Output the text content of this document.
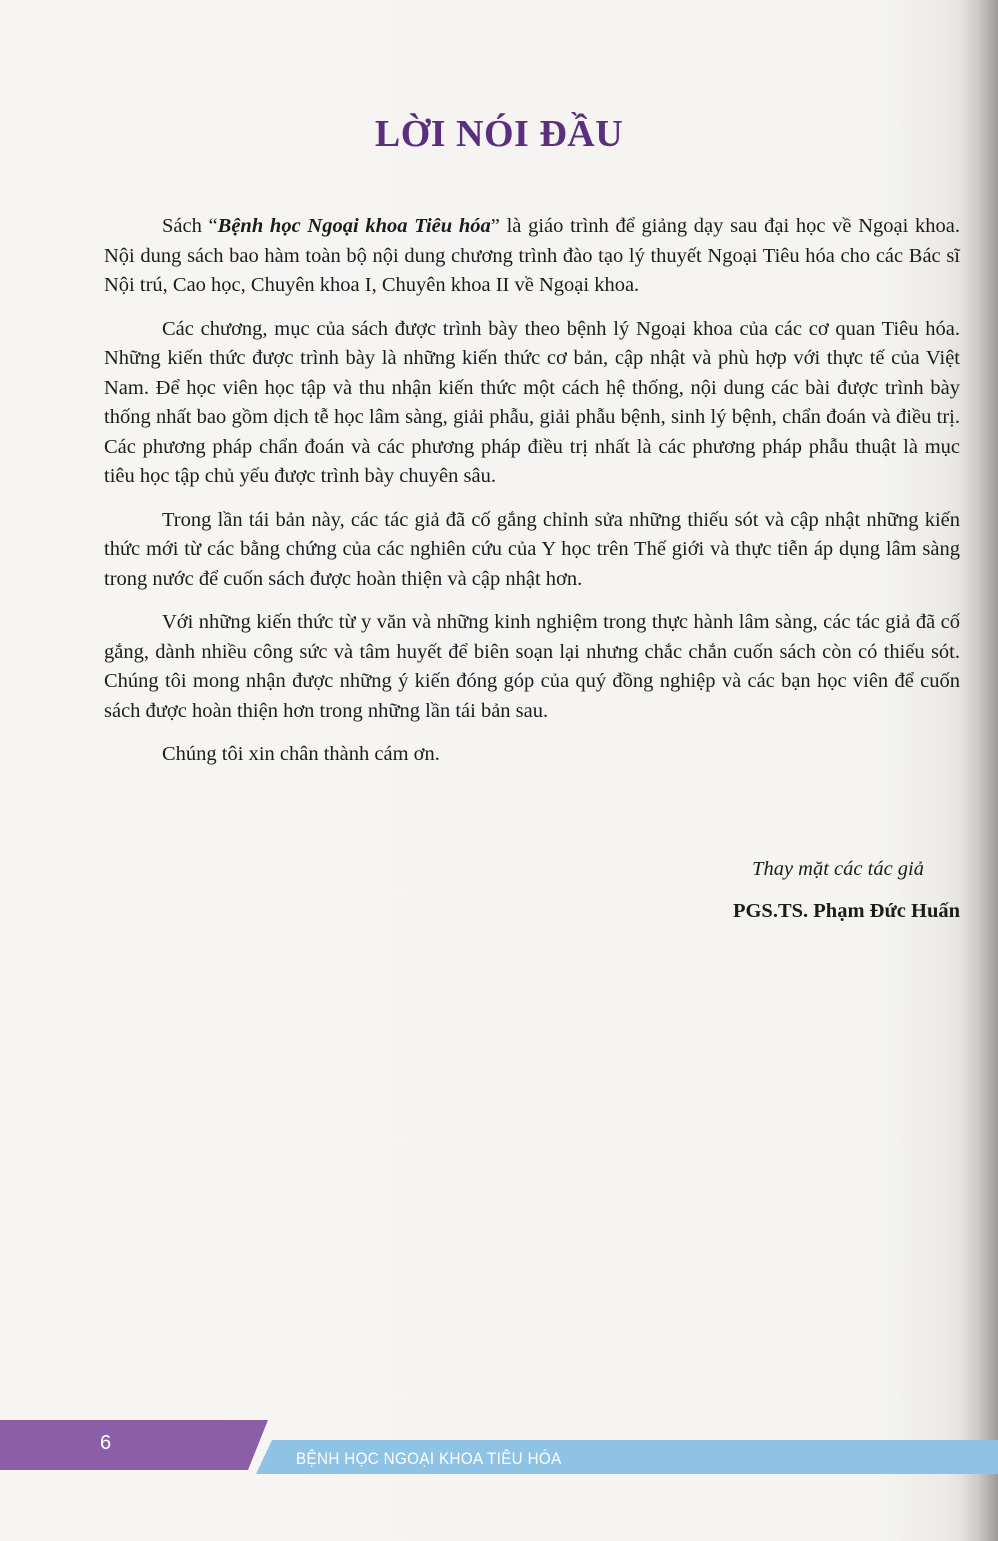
LỜI NÓI ĐẦU

Sách “Bệnh học Ngoại khoa Tiêu hóa” là giáo trình để giảng dạy sau đại học về Ngoại khoa. Nội dung sách bao hàm toàn bộ nội dung chương trình đào tạo lý thuyết Ngoại Tiêu hóa cho các Bác sĩ Nội trú, Cao học, Chuyên khoa I, Chuyên khoa II về Ngoại khoa.

Các chương, mục của sách được trình bày theo bệnh lý Ngoại khoa của các cơ quan Tiêu hóa. Những kiến thức được trình bày là những kiến thức cơ bản, cập nhật và phù hợp với thực tế của Việt Nam. Để học viên học tập và thu nhận kiến thức một cách hệ thống, nội dung các bài được trình bày thống nhất bao gồm dịch tễ học lâm sàng, giải phẫu, giải phẫu bệnh, sinh lý bệnh, chẩn đoán và điều trị. Các phương pháp chẩn đoán và các phương pháp điều trị nhất là các phương pháp phẫu thuật là mục tiêu học tập chủ yếu được trình bày chuyên sâu.

Trong lần tái bản này, các tác giả đã cố gắng chỉnh sửa những thiếu sót và cập nhật những kiến thức mới từ các bằng chứng của các nghiên cứu của Y học trên Thế giới và thực tiễn áp dụng lâm sàng trong nước để cuốn sách được hoàn thiện và cập nhật hơn.

Với những kiến thức từ y văn và những kinh nghiệm trong thực hành lâm sàng, các tác giả đã cố gắng, dành nhiều công sức và tâm huyết để biên soạn lại nhưng chắc chắn cuốn sách còn có thiếu sót. Chúng tôi mong nhận được những ý kiến đóng góp của quý đồng nghiệp và các bạn học viên để cuốn sách được hoàn thiện hơn trong những lần tái bản sau.

Chúng tôi xin chân thành cám ơn.

Thay mặt các tác giả
PGS.TS. Phạm Đức Huấn
6
BỆNH HỌC NGOẠI KHOA TIÊU HÓA
